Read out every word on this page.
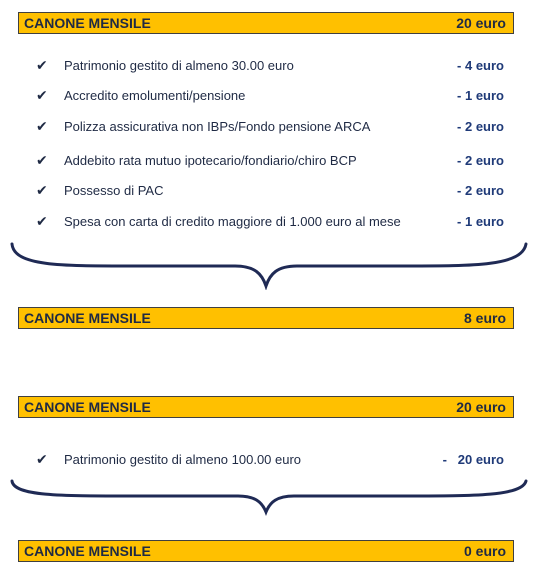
CANONE MENSILE	20 euro
✔ Patrimonio gestito di almeno 30.00 euro	- 4 euro
✔ Accredito emolumenti/pensione	- 1 euro
✔ Polizza assicurativa non IBPs/Fondo pensione ARCA	- 2 euro
✔ Addebito rata mutuo ipotecario/fondiario/chiro BCP	- 2 euro
✔ Possesso di PAC	- 2 euro
✔ Spesa con carta di credito maggiore di 1.000 euro al mese	- 1 euro
CANONE MENSILE	8 euro
CANONE MENSILE	20 euro
✔ Patrimonio gestito di almeno 100.00 euro	-   20 euro
CANONE MENSILE	0 euro
